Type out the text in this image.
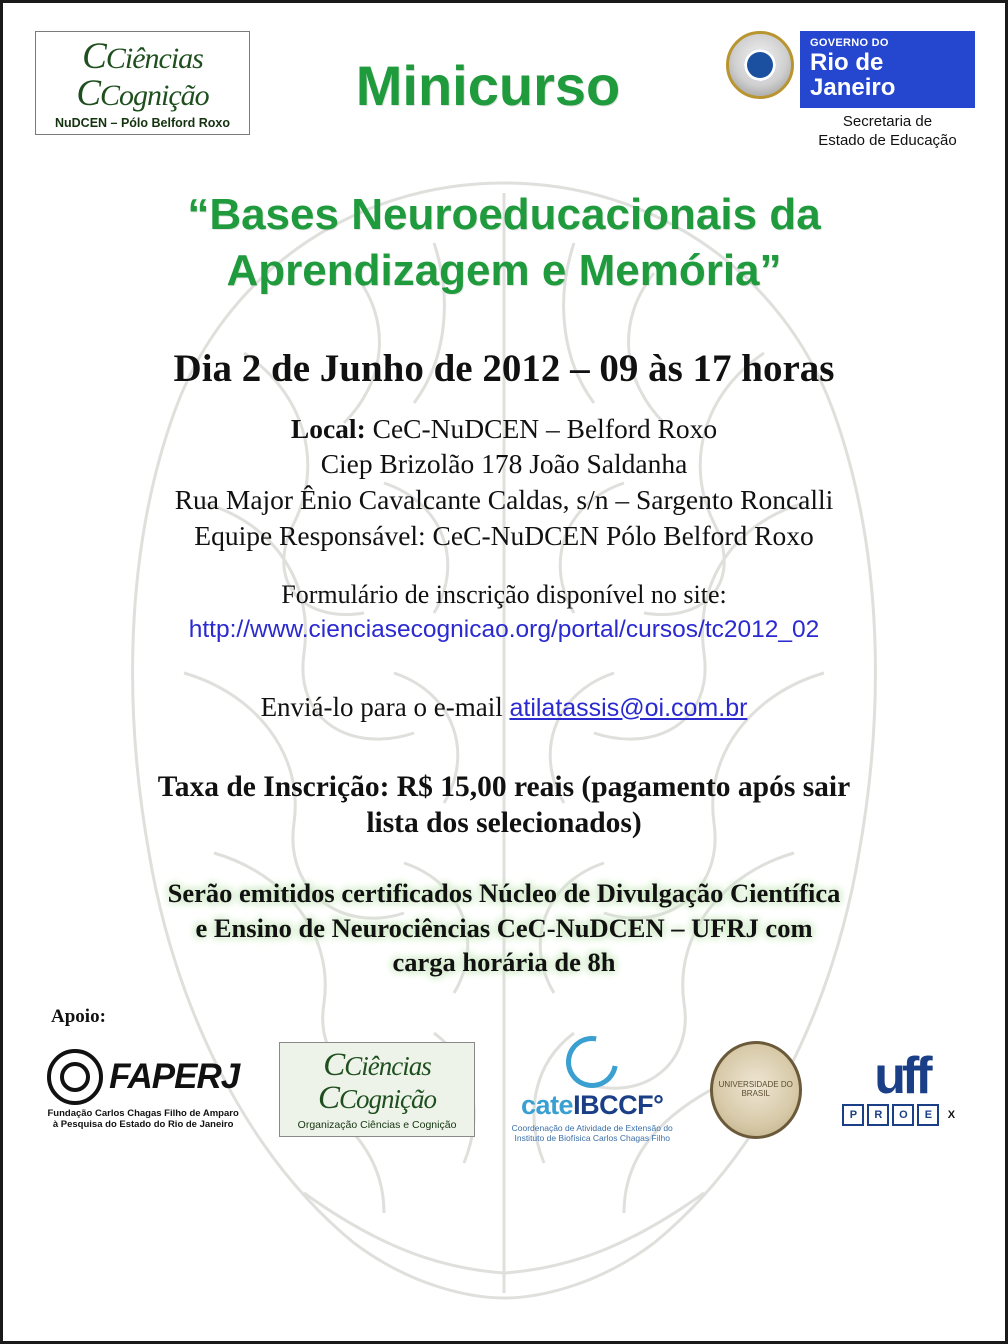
CCiências
CCognição
NuDCEN – Pólo Belford Roxo
Minicurso
GOVERNO DO
Rio de Janeiro
Secretaria de
Estado de Educação
“Bases Neuroeducacionais da
Aprendizagem e Memória”
Dia 2 de Junho de 2012 – 09 às 17 horas
Local: CeC-NuDCEN – Belford Roxo
Ciep Brizolão 178 João Saldanha
Rua Major Ênio Cavalcante Caldas, s/n – Sargento Roncalli
Equipe Responsável: CeC-NuDCEN Pólo Belford Roxo
Formulário de inscrição disponível no site:
http://www.cienciasecognicao.org/portal/cursos/tc2012_02
Enviá-lo para o e-mail atilatassis@oi.com.br
Taxa de Inscrição: R$ 15,00 reais (pagamento após sair
lista dos selecionados)
Serão emitidos certificados Núcleo de Divulgação Científica
e Ensino de Neurociências CeC-NuDCEN – UFRJ com
carga horária de 8h
Apoio:
FAPERJ
Fundação Carlos Chagas Filho de Amparo
à Pesquisa do Estado do Rio de Janeiro
CCiências
CCognição
Organização Ciências e Cognição
cateIBCCF°
Coordenação de Atividade de Extensão do
Instituto de Biofísica Carlos Chagas Filho
UNIVERSIDADE DO BRASIL	uff
P	R	O	E	X
